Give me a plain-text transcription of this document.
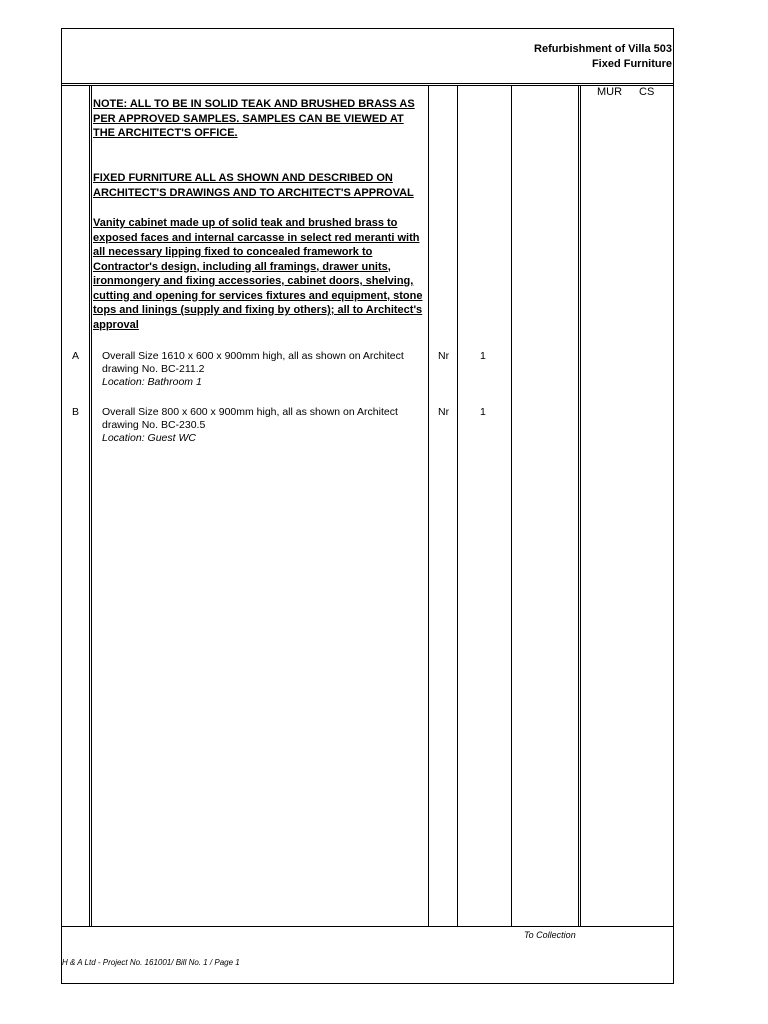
Refurbishment of Villa 503
Fixed Furniture
MUR CS
NOTE: ALL TO BE IN SOLID TEAK AND BRUSHED BRASS AS
PER APPROVED SAMPLES. SAMPLES CAN BE VIEWED AT
THE ARCHITECT'S OFFICE.
FIXED FURNITURE ALL AS SHOWN AND DESCRIBED ON
ARCHITECT'S DRAWINGS AND TO ARCHITECT'S APPROVAL
Vanity cabinet made up of solid teak and brushed brass to
exposed faces and internal carcasse in select red meranti with
all necessary lipping fixed to concealed framework to
Contractor's design, including all framings, drawer units,
ironmongery and fixing accessories, cabinet doors, shelving,
cutting and opening for services fixtures and equipment, stone
tops and linings (supply and fixing by others); all to Architect's
approval
A Overall Size 1610 x 600 x 900mm high, all as shown on Architect
drawing No. BC-211.2
Location: Bathroom 1
Nr	1
B Overall Size 800 x 600 x 900mm high, all as shown on Architect
drawing No. BC-230.5
Location: Guest WC
Nr	1
To Collection
H & A Ltd - Project No. 161001/ Bill No. 1 / Page 1
